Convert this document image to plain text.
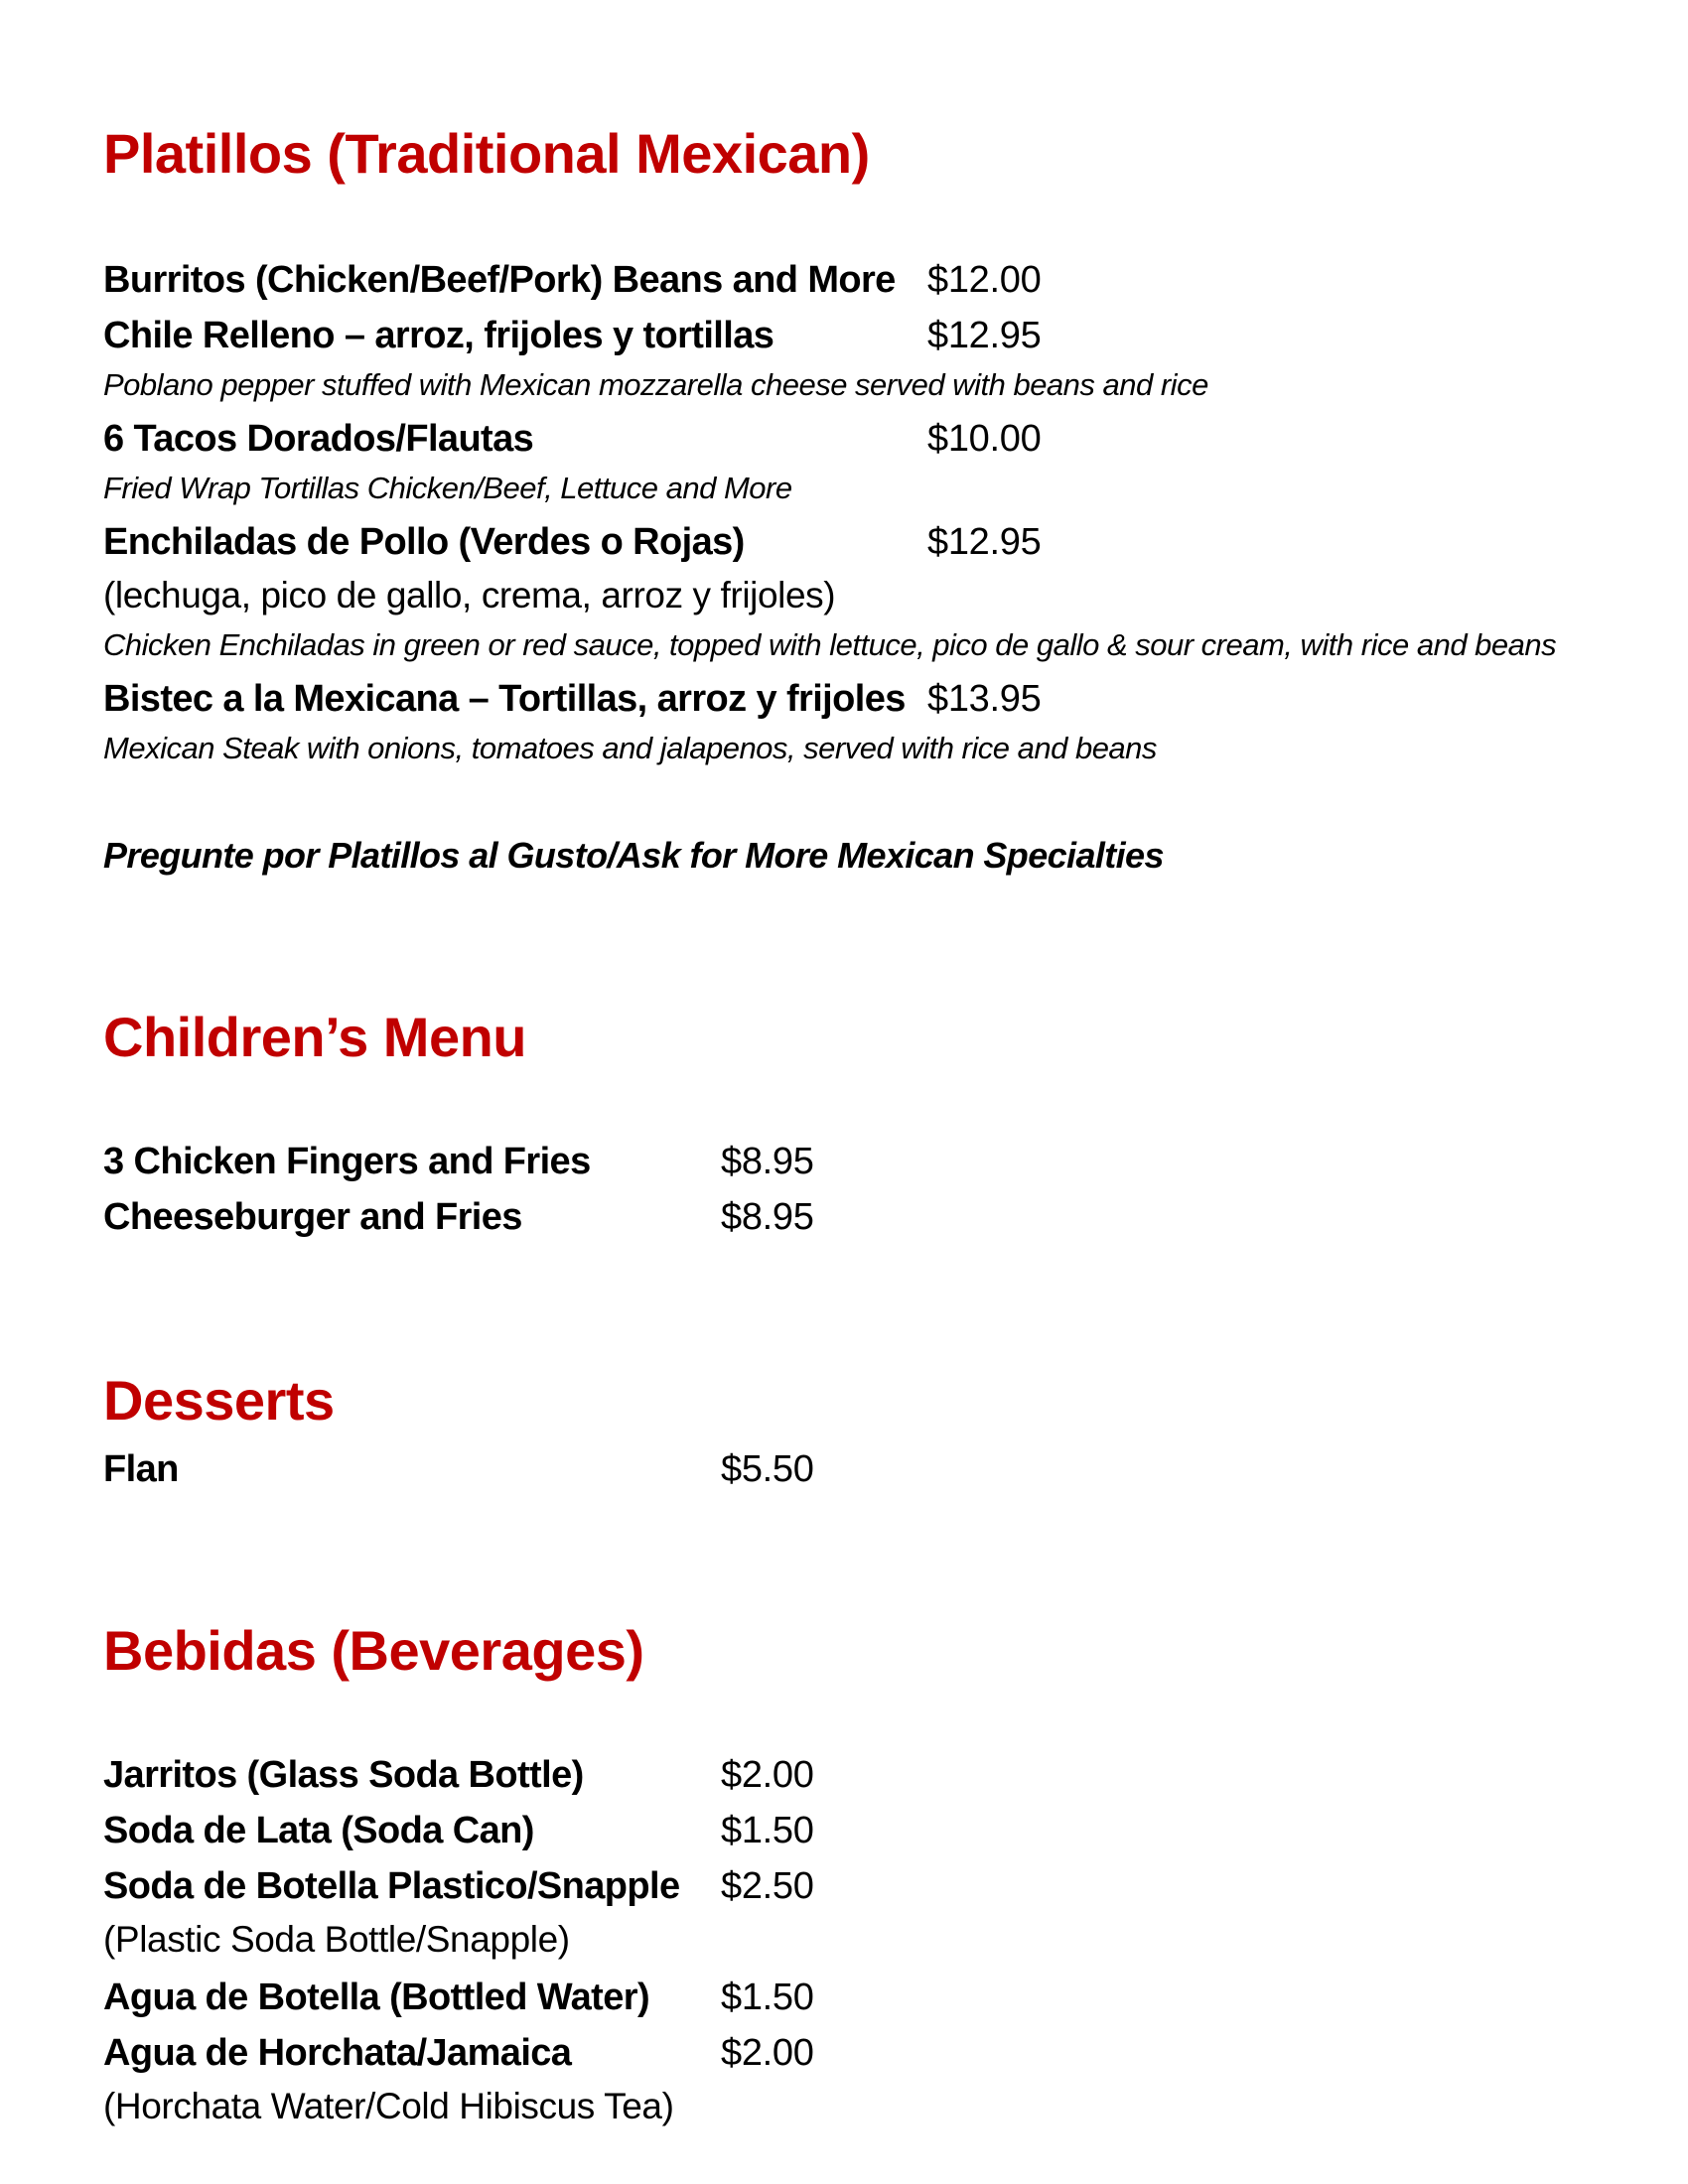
Platillos (Traditional Mexican)
Burritos (Chicken/Beef/Pork) Beans and More $12.00
Chile Relleno – arroz, frijoles y tortillas	$12.95
Poblano pepper stuffed with Mexican mozzarella cheese served with beans and rice
6 Tacos Dorados/Flautas	$10.00
Fried Wrap Tortillas Chicken/Beef, Lettuce and More
Enchiladas de Pollo (Verdes o Rojas)	$12.95
(lechuga, pico de gallo, crema, arroz y frijoles)
Chicken Enchiladas in green or red sauce, topped with lettuce, pico de gallo & sour cream, with rice and beans
Bistec a la Mexicana – Tortillas, arroz y frijoles $13.95
Mexican Steak with onions, tomatoes and jalapenos, served with rice and beans
Pregunte por Platillos al Gusto/Ask for More Mexican Specialties
Children’s Menu
3 Chicken Fingers and Fries	$8.95
Cheeseburger and Fries	$8.95
Desserts
Flan	$5.50
Bebidas (Beverages)
Jarritos (Glass Soda Bottle)	$2.00
Soda de Lata (Soda Can)	$1.50
Soda de Botella Plastico/Snapple $2.50
(Plastic Soda Bottle/Snapple)
Agua de Botella (Bottled Water) $1.50
Agua de Horchata/Jamaica	$2.00
(Horchata Water/Cold Hibiscus Tea)
